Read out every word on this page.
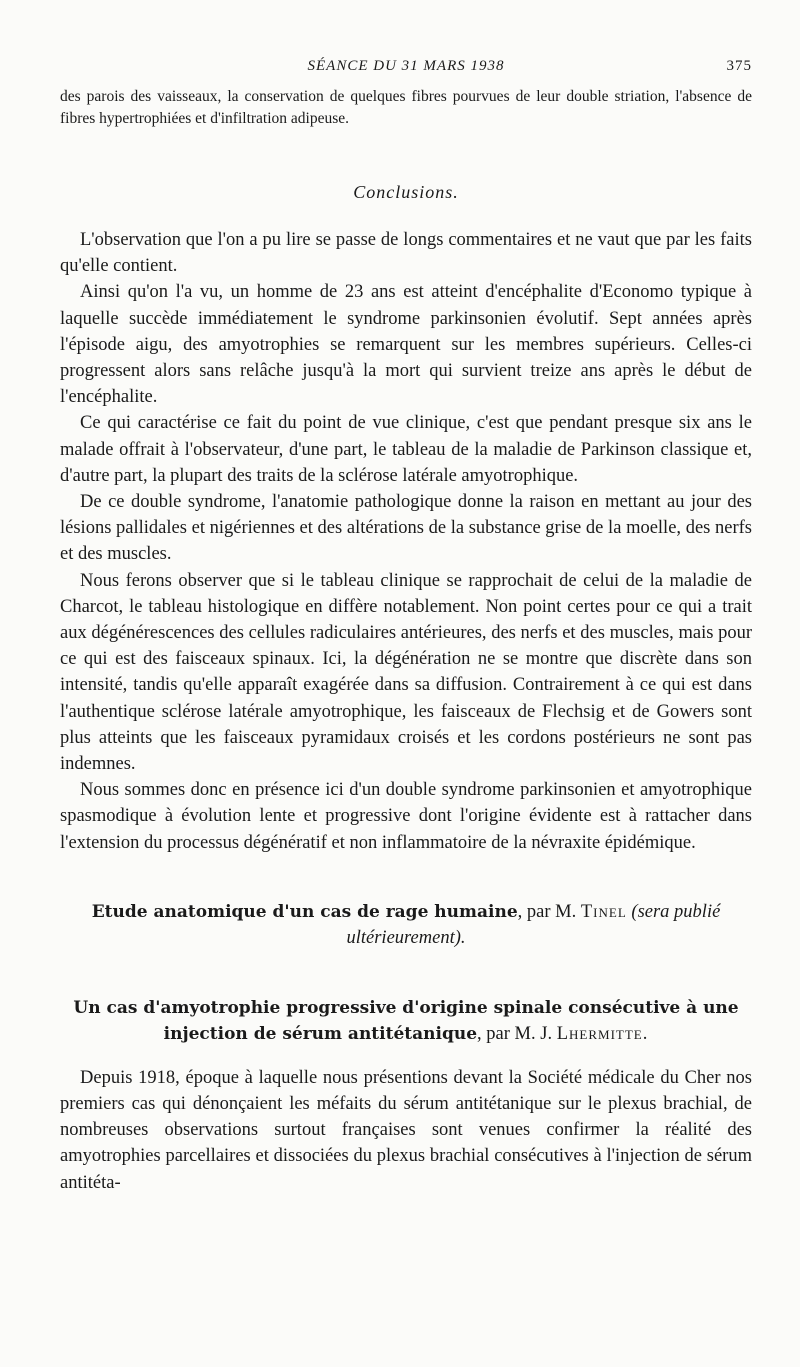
SÉANCE DU 31 MARS 1938	375

des parois des vaisseaux, la conservation de quelques fibres pourvues de leur double striation, l'absence de fibres hypertrophiées et d'infiltration adipeuse.

Conclusions.

L'observation que l'on a pu lire se passe de longs commentaires et ne vaut que par les faits qu'elle contient.

Ainsi qu'on l'a vu, un homme de 23 ans est atteint d'encéphalite d'Economo typique à laquelle succède immédiatement le syndrome parkinsonien évolutif. Sept années après l'épisode aigu, des amyotrophies se remarquent sur les membres supérieurs. Celles-ci progressent alors sans relâche jusqu'à la mort qui survient treize ans après le début de l'encéphalite.

Ce qui caractérise ce fait du point de vue clinique, c'est que pendant presque six ans le malade offrait à l'observateur, d'une part, le tableau de la maladie de Parkinson classique et, d'autre part, la plupart des traits de la sclérose latérale amyotrophique.

De ce double syndrome, l'anatomie pathologique donne la raison en mettant au jour des lésions pallidales et nigériennes et des altérations de la substance grise de la moelle, des nerfs et des muscles.

Nous ferons observer que si le tableau clinique se rapprochait de celui de la maladie de Charcot, le tableau histologique en diffère notablement. Non point certes pour ce qui a trait aux dégénérescences des cellules radiculaires antérieures, des nerfs et des muscles, mais pour ce qui est des faisceaux spinaux. Ici, la dégénération ne se montre que discrète dans son intensité, tandis qu'elle apparaît exagérée dans sa diffusion. Contrairement à ce qui est dans l'authentique sclérose latérale amyotrophique, les faisceaux de Flechsig et de Gowers sont plus atteints que les faisceaux pyramidaux croisés et les cordons postérieurs ne sont pas indemnes.

Nous sommes donc en présence ici d'un double syndrome parkinsonien et amyotrophique spasmodique à évolution lente et progressive dont l'origine évidente est à rattacher dans l'extension du processus dégénératif et non inflammatoire de la névraxite épidémique.

Etude anatomique d'un cas de rage humaine, par M. Tinel (sera publié ultérieurement).

Un cas d'amyotrophie progressive d'origine spinale consécutive à une injection de sérum antitétanique, par M. J. Lhermitte.

Depuis 1918, époque à laquelle nous présentions devant la Société médicale du Cher nos premiers cas qui dénonçaient les méfaits du sérum antitétanique sur le plexus brachial, de nombreuses observations surtout françaises sont venues confirmer la réalité des amyotrophies parcellaires et dissociées du plexus brachial consécutives à l'injection de sérum antitéta-
